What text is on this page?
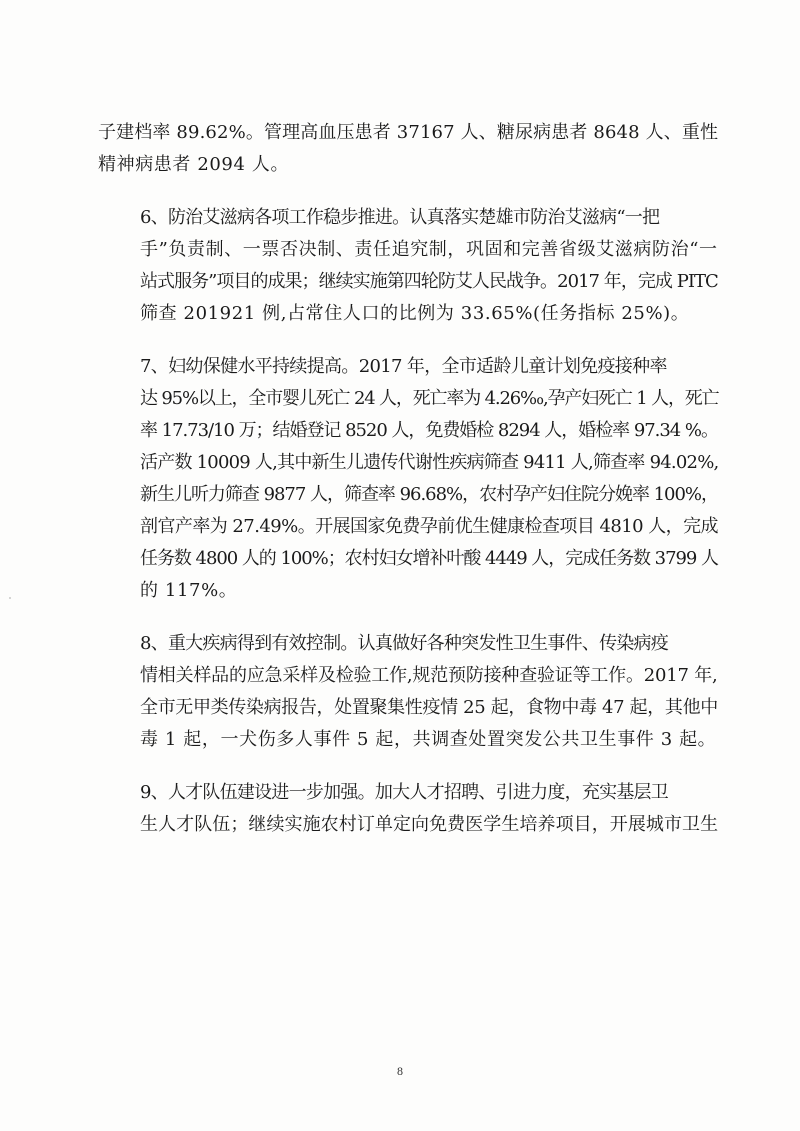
子建档率 89.62%。管理高血压患者 37167 人、糖尿病患者 8648 人、重性
精神病患者 2094 人。
6、防治艾滋病各项工作稳步推进。认真落实楚雄市防治艾滋病“一把
手”负责制、一票否决制、责任追究制，巩固和完善省级艾滋病防治“一
站式服务”项目的成果；继续实施第四轮防艾人民战争。2017 年，完成 PITC
筛查 201921 例,占常住人口的比例为 33.65%(任务指标 25%)。
7、妇幼保健水平持续提高。2017 年，全市适龄儿童计划免疫接种率
达 95%以上，全市婴儿死亡 24 人，死亡率为 4.26‰,孕产妇死亡 1 人，死亡
率 17.73/10 万；结婚登记 8520 人，免费婚检 8294 人，婚检率 97.34 %。
活产数 10009 人,其中新生儿遗传代谢性疾病筛查 9411 人,筛查率 94.02%,
新生儿听力筛查 9877 人，筛查率 96.68%，农村孕产妇住院分娩率 100%，
剖官产率为 27.49%。开展国家免费孕前优生健康检查项目 4810 人，完成
任务数 4800 人的 100%；农村妇女增补叶酸 4449 人，完成任务数 3799 人
的 117%。
8、重大疾病得到有效控制。认真做好各种突发性卫生事件、传染病疫
情相关样品的应急采样及检验工作,规范预防接种查验证等工作。2017 年,
全市无甲类传染病报告，处置聚集性疫情 25 起，食物中毒 47 起，其他中
毒 1 起，一犬伤多人事件 5 起，共调查处置突发公共卫生事件 3 起。
9、人才队伍建设进一步加强。加大人才招聘、引进力度，充实基层卫
生人才队伍；继续实施农村订单定向免费医学生培养项目，开展城市卫生
8
